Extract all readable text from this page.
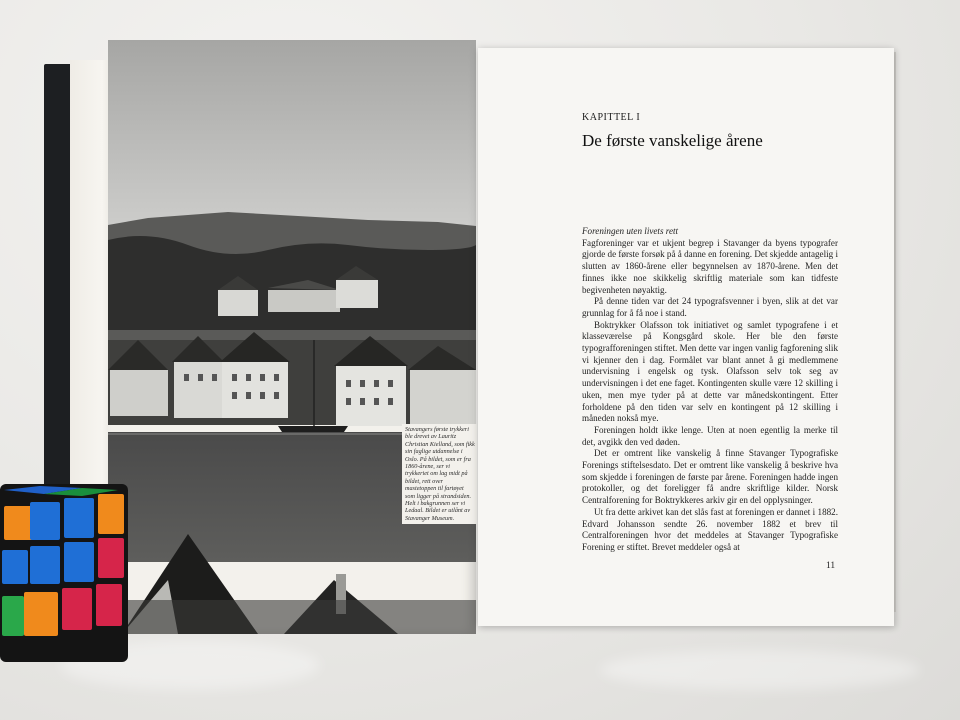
Stavangers første trykkeri ble drevet av Lauritz Christian Kielland, som fikk sin faglige utdannelse i Oslo. På bildet, som er fra 1860-årene, ser vi trykkeriet om lag midt på bildet, rett over mastetoppen til fartøyet som ligger på strandsiden. Helt i bakgrunnen ser vi Ledaal. Bildet er utlånt av Stavanger Museum.
KAPITTEL I
De første vanskelige årene

Foreningen uten livets rett

Fagforeninger var et ukjent begrep i Stavanger da byens typografer gjorde de første forsøk på å danne en forening. Det skjedde antagelig i slutten av 1860-årene eller begynnelsen av 1870-årene. Men det finnes ikke noe skikkelig skriftlig materiale som kan tidfeste begivenheten nøyaktig.

På denne tiden var det 24 typografsvenner i byen, slik at det var grunnlag for å få noe i stand.

Boktrykker Olafsson tok initiativet og samlet typografene i et klasseværelse på Kongsgård skole. Her ble den første typografforeningen stiftet. Men dette var ingen vanlig fagforening slik vi kjenner den i dag. Formålet var blant annet å gi medlemmene undervisning i engelsk og tysk. Olafsson selv tok seg av undervisningen i det ene faget. Kontingenten skulle være 12 skilling i uken, men myе tyder på at dette var månedskontingent. Etter forholdene på den tiden var selv en kontingent på 12 skilling i måneden nokså mye.

Foreningen holdt ikke lenge. Uten at noen egentlig la merke til det, avgikk den ved døden.

Det er omtrent like vanskelig å finne Stavanger Typografiske Forenings stiftelsesdato. Det er omtrent like vanskelig å beskrive hva som skjedde i foreningen de første par årene. Foreningen hadde ingen protokoller, og det foreligger få andre skriftlige kilder. Norsk Centralforening for Boktrykkeres arkiv gir en del opplysninger.

Ut fra dette arkivet kan det slås fast at foreningen er dannet i 1882. Edvard Johansson sendte 26. november 1882 et brev til Centralforeningen hvor det meddeles at Stavanger Typografiske Forening er stiftet. Brevet meddeler også at

11
